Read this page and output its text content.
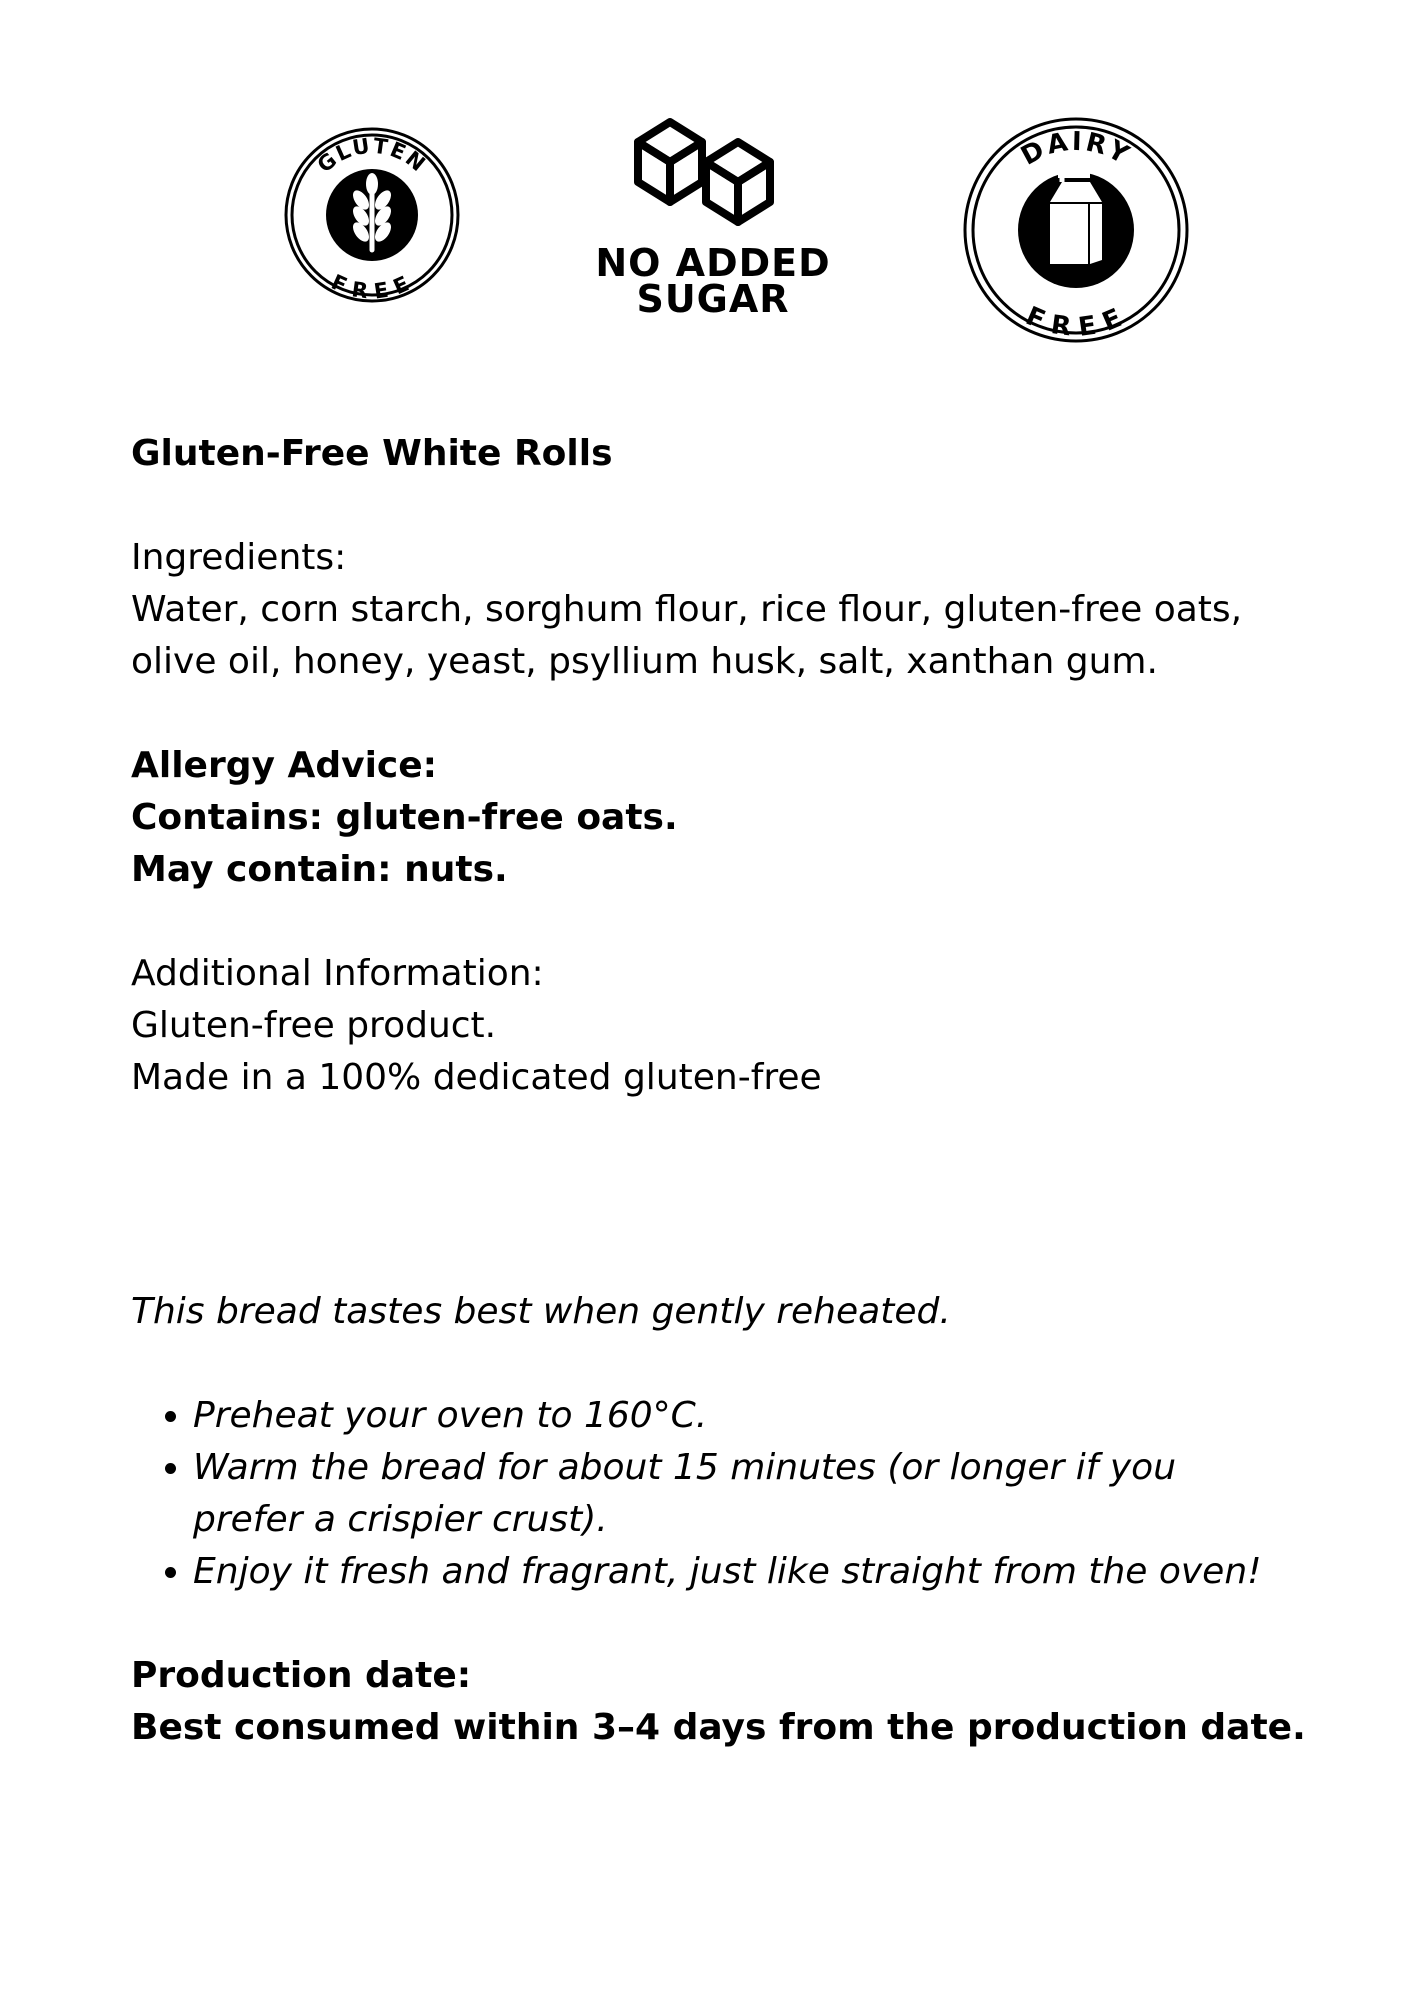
GLUTEN
FREE	NO ADDED
SUGAR
DAIRY
FREE

Gluten-Free White Rolls

Ingredients:

Water, corn starch, sorghum flour, rice flour, gluten-free oats,

olive oil, honey, yeast, psyllium husk, salt, xanthan gum.

Allergy Advice:

Contains: gluten-free oats.

May contain: nuts.

Additional Information:

Gluten-free product.

Made in a 100% dedicated gluten-free

This bread tastes best when gently reheated.

• Preheat your oven to 160°C.
• Warm the bread for about 15 minutes (or longer if you prefer a crispier crust).
• Enjoy it fresh and fragrant, just like straight from the oven!

Production date:

Best consumed within 3–4 days from the production date.
